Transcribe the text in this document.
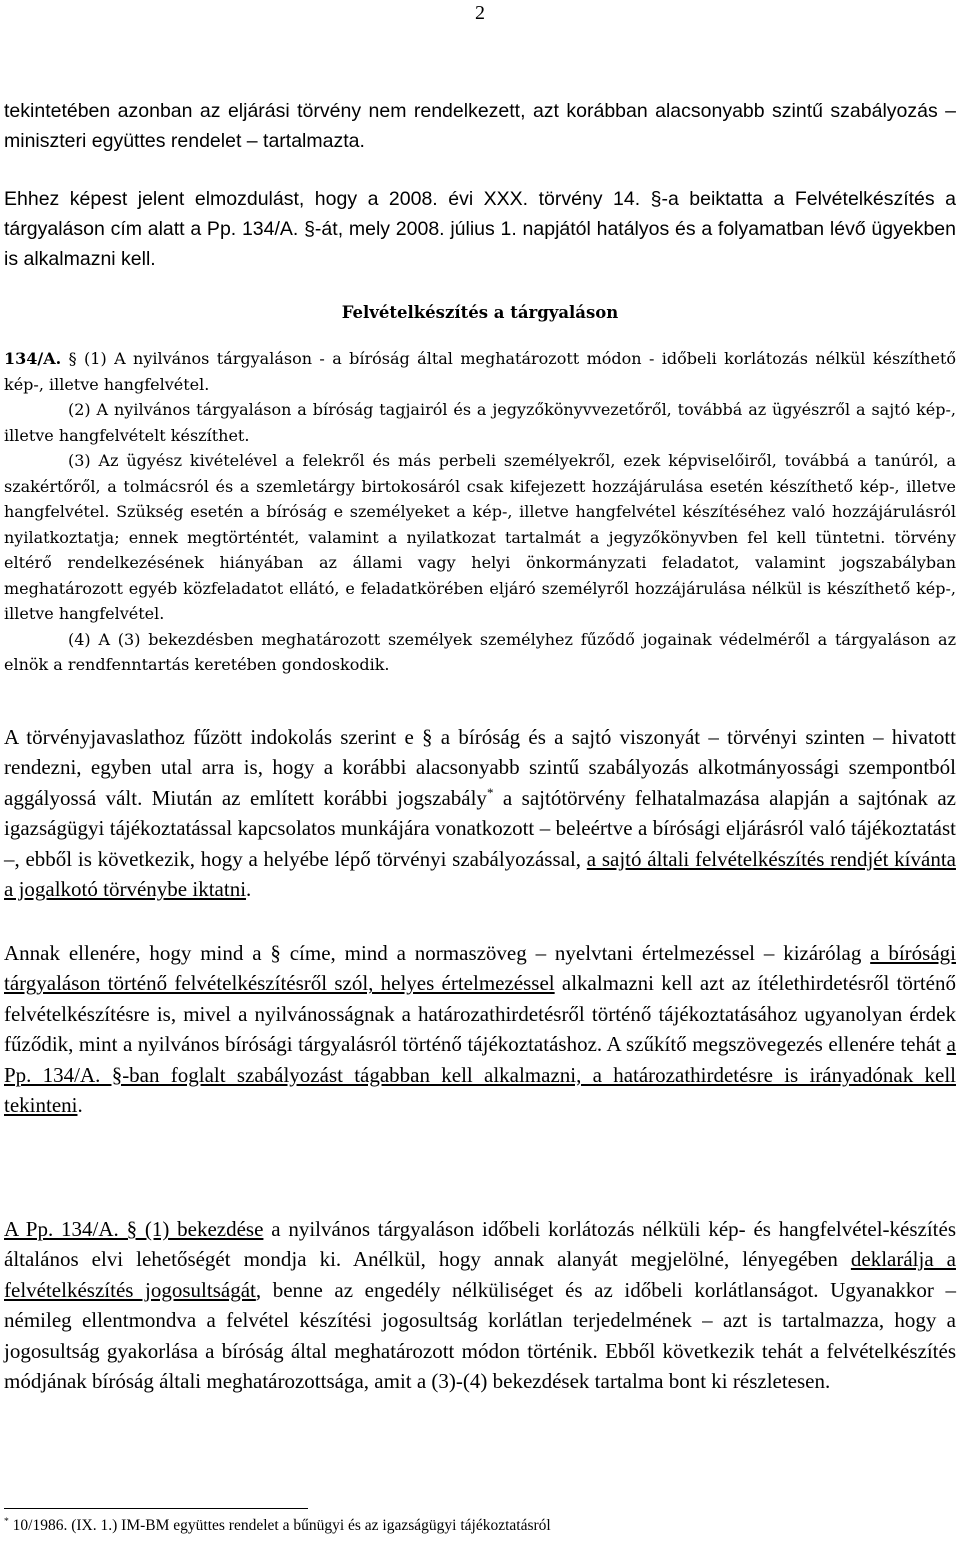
2

tekintetében azonban az eljárási törvény nem rendelkezett, azt korábban alacsonyabb szintű szabályozás – miniszteri együttes rendelet – tartalmazta.

Ehhez képest jelent elmozdulást, hogy a 2008. évi XXX. törvény 14. §-a beiktatta a Felvételkészítés a tárgyaláson cím alatt a Pp. 134/A. §-át, mely 2008. július 1. napjától hatályos és a folyamatban lévő ügyekben is alkalmazni kell.

Felvételkészítés a tárgyaláson

134/A. § (1) A nyilvános tárgyaláson - a bíróság által meghatározott módon - időbeli korlátozás nélkül készíthető kép-, illetve hangfelvétel.

(2) A nyilvános tárgyaláson a bíróság tagjairól és a jegyzőkönyvvezetőről, továbbá az ügyészről a sajtó kép-, illetve hangfelvételt készíthet.

(3) Az ügyész kivételével a felekről és más perbeli személyekről, ezek képviselőiről, továbbá a tanúról, a szakértőről, a tolmácsról és a szemletárgy birtokosáról csak kifejezett hozzájárulása esetén készíthető kép-, illetve hangfelvétel. Szükség esetén a bíróság e személyeket a kép-, illetve hangfelvétel készítéséhez való hozzájárulásról nyilatkoztatja; ennek megtörténtét, valamint a nyilatkozat tartalmát a jegyzőkönyvben fel kell tüntetni. törvény eltérő rendelkezésének hiányában az állami vagy helyi önkormányzati feladatot, valamint jogszabályban meghatározott egyéb közfeladatot ellátó, e feladatkörében eljáró személyről hozzájárulása nélkül is készíthető kép-, illetve hangfelvétel.

(4) A (3) bekezdésben meghatározott személyek személyhez fűződő jogainak védelméről a tárgyaláson az elnök a rendfenntartás keretében gondoskodik.

A törvényjavaslathoz fűzött indokolás szerint e § a bíróság és a sajtó viszonyát – törvényi szinten – hivatott rendezni, egyben utal arra is, hogy a korábbi alacsonyabb szintű szabályozás alkotmányossági szempontból aggályossá vált. Miután az említett korábbi jogszabály* a sajtótörvény felhatalmazása alapján a sajtónak az igazságügyi tájékoztatással kapcsolatos munkájára vonatkozott – beleértve a bírósági eljárásról való tájékoztatást –, ebből is következik, hogy a helyébe lépő törvényi szabályozással, a sajtó általi felvételkészítés rendjét kívánta a jogalkotó törvénybe iktatni.

Annak ellenére, hogy mind a § címe, mind a normaszöveg – nyelvtani értelmezéssel – kizárólag a bírósági tárgyaláson történő felvételkészítésről szól, helyes értelmezéssel alkalmazni kell azt az ítélethirdetésről történő felvételkészítésre is, mivel a nyilvánosságnak a határozathirdetésről történő tájékoztatásához ugyanolyan érdek fűződik, mint a nyilvános bírósági tárgyalásról történő tájékoztatáshoz. A szűkítő megszövegezés ellenére tehát a Pp. 134/A. §-ban foglalt szabályozást tágabban kell alkalmazni, a határozathirdetésre is irányadónak kell tekinteni.

A Pp. 134/A. § (1) bekezdése a nyilvános tárgyaláson időbeli korlátozás nélküli kép- és hangfelvétel-készítés általános elvi lehetőségét mondja ki. Anélkül, hogy annak alanyát megjelölné, lényegében deklarálja a felvételkészítés jogosultságát, benne az engedély nélküliséget és az időbeli korlátlanságot. Ugyanakkor – némileg ellentmondva a felvétel készítési jogosultság korlátlan terjedelmének – azt is tartalmazza, hogy a jogosultság gyakorlása a bíróság által meghatározott módon történik. Ebből következik tehát a felvételkészítés módjának bíróság általi meghatározottsága, amit a (3)-(4) bekezdések tartalma bont ki részletesen.

* 10/1986. (IX. 1.) IM-BM együttes rendelet a bűnügyi és az igazságügyi tájékoztatásról
